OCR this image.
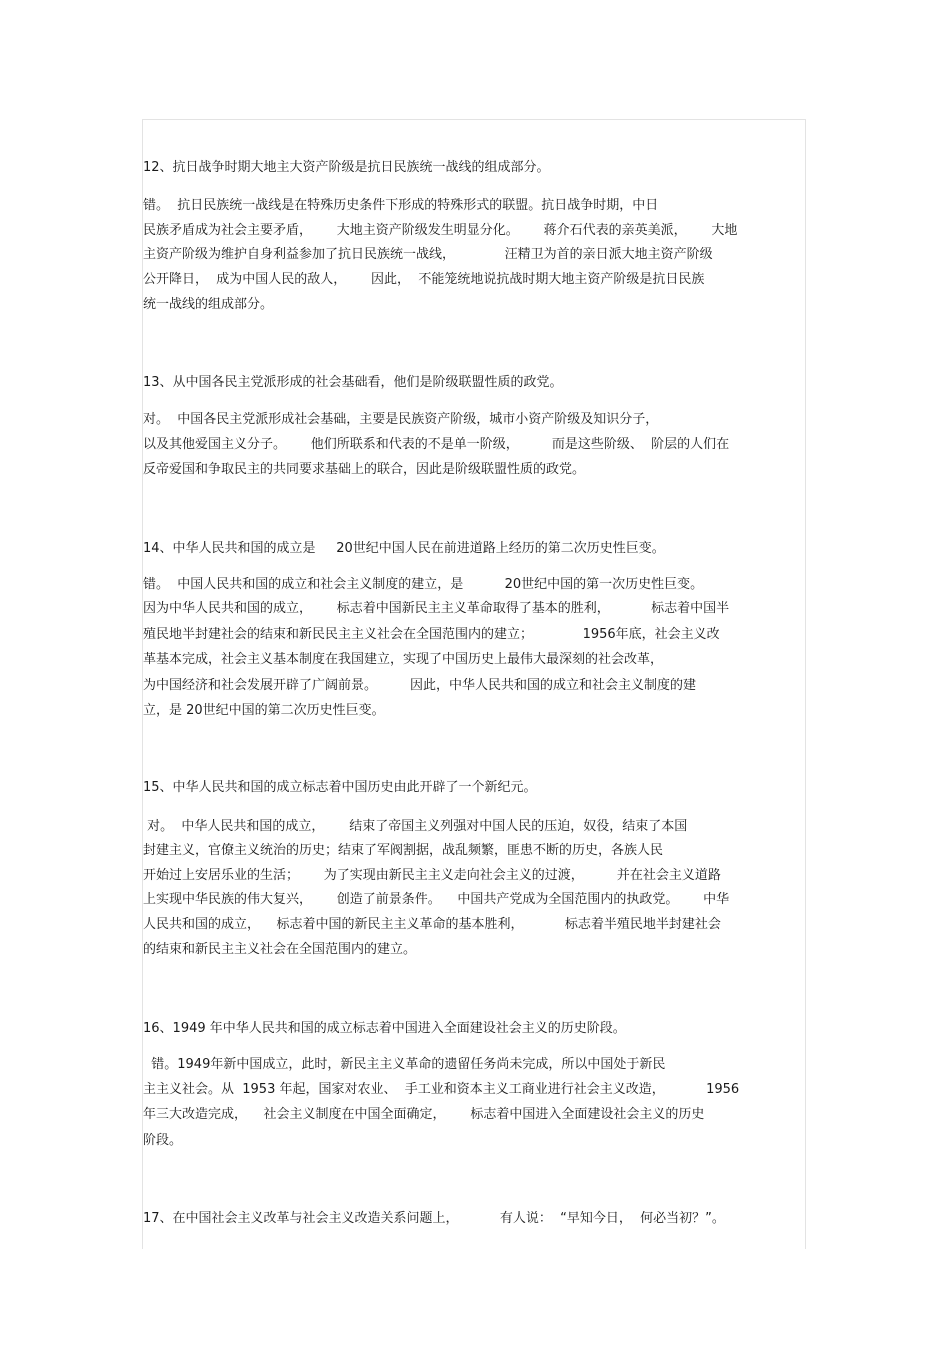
12、抗日战争时期大地主大资产阶级是抗日民族统一战线的组成部分。
错。  抗日民族统一战线是在特殊历史条件下形成的特殊形式的联盟。抗日战争时期，中日
民族矛盾成为社会主要矛盾，      大地主资产阶级发生明显分化。      蒋介石代表的亲英美派，      大地
主资产阶级为维护自身利益参加了抗日民族统一战线，            汪精卫为首的亲日派大地主资产阶级
公开降日，  成为中国人民的敌人，      因此，  不能笼统地说抗战时期大地主资产阶级是抗日民族
统一战线的组成部分。
13、从中国各民主党派形成的社会基础看，他们是阶级联盟性质的政党。
对。  中国各民主党派形成社会基础，主要是民族资产阶级，城市小资产阶级及知识分子，
以及其他爱国主义分子。      他们所联系和代表的不是单一阶级，        而是这些阶级、  阶层的人们在
反帝爱国和争取民主的共同要求基础上的联合，因此是阶级联盟性质的政党。
14、中华人民共和国的成立是     20世纪中国人民在前进道路上经历的第二次历史性巨变。
错。  中国人民共和国的成立和社会主义制度的建立，是          20世纪中国的第一次历史性巨变。
因为中华人民共和国的成立，      标志着中国新民主主义革命取得了基本的胜利，          标志着中国半
殖民地半封建社会的结束和新民民主主义社会在全国范围内的建立；            1956年底，社会主义改
革基本完成，社会主义基本制度在我国建立，实现了中国历史上最伟大最深刻的社会改革，
为中国经济和社会发展开辟了广阔前景。        因此，中华人民共和国的成立和社会主义制度的建
立，是 20世纪中国的第二次历史性巨变。
15、中华人民共和国的成立标志着中国历史由此开辟了一个新纪元。
对。  中华人民共和国的成立，      结束了帝国主义列强对中国人民的压迫，奴役，结束了本国
封建主义，官僚主义统治的历史；结束了军阀割据，战乱频繁，匪患不断的历史，各族人民
开始过上安居乐业的生活；      为了实现由新民主主义走向社会主义的过渡，        并在社会主义道路
上实现中华民族的伟大复兴，      创造了前景条件。    中国共产党成为全国范围内的执政党。      中华
人民共和国的成立，    标志着中国的新民主主义革命的基本胜利，          标志着半殖民地半封建社会
的结束和新民主主义社会在全国范围内的建立。
16、1949 年中华人民共和国的成立标志着中国进入全面建设社会主义的历史阶段。
错。1949年新中国成立，此时，新民主主义革命的遗留任务尚未完成，所以中国处于新民
主主义社会。从  1953 年起，国家对农业、  手工业和资本主义工商业进行社会主义改造，          1956
年三大改造完成，    社会主义制度在中国全面确定，      标志着中国进入全面建设社会主义的历史
阶段。
17、在中国社会主义改革与社会主义改造关系问题上，          有人说：  “早知今日，  何必当初？”。
